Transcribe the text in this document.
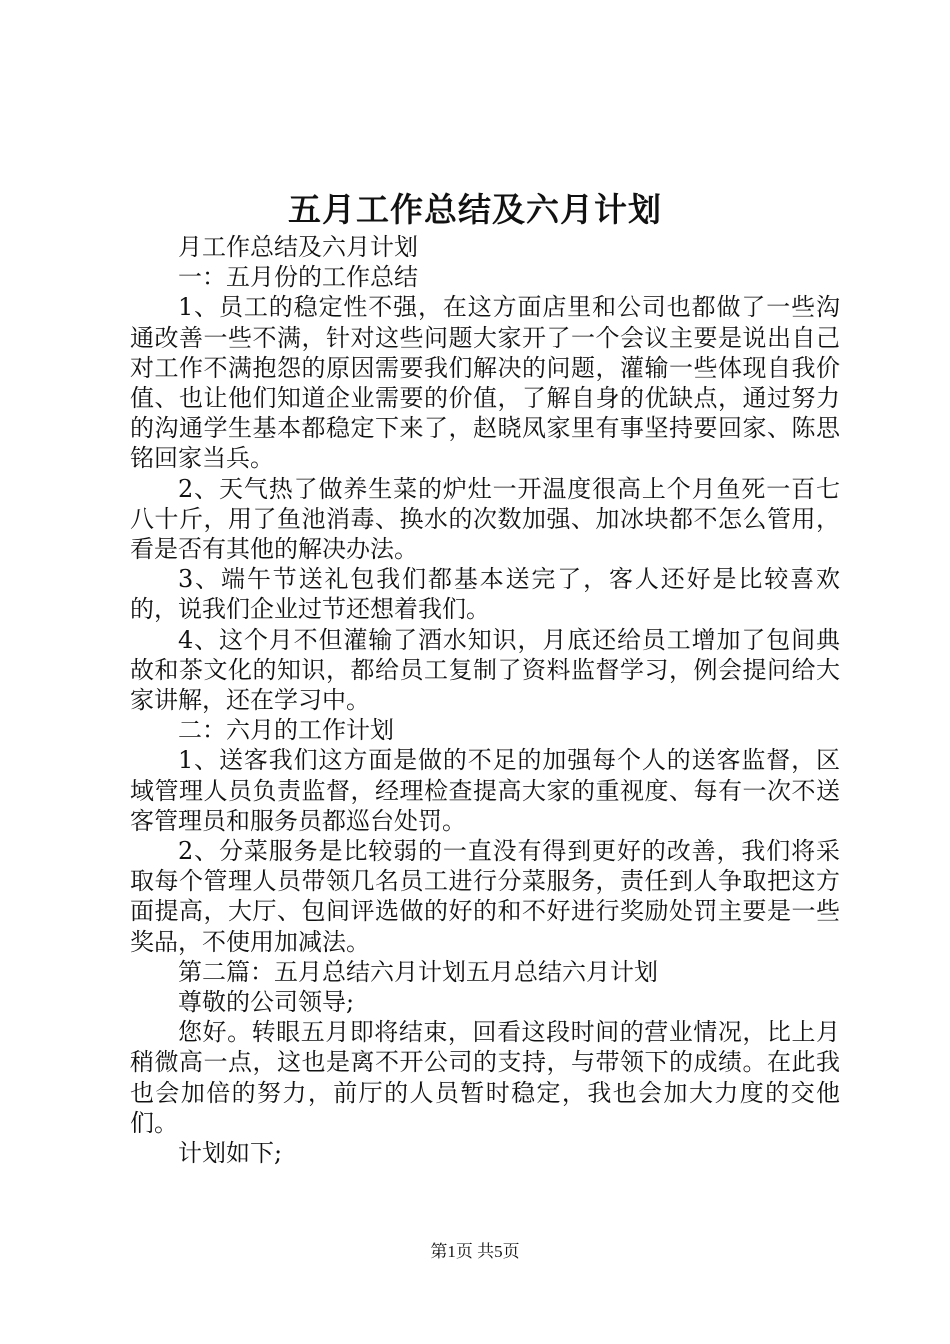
五月工作总结及六月计划

月工作总结及六月计划

一：五月份的工作总结

1、员工的稳定性不强，在这方面店里和公司也都做了一些沟通改善一些不满，针对这些问题大家开了一个会议主要是说出自己对工作不满抱怨的原因需要我们解决的问题，灌输一些体现自我价值、也让他们知道企业需要的价值，了解自身的优缺点，通过努力的沟通学生基本都稳定下来了，赵晓凤家里有事坚持要回家、陈思铭回家当兵。

2、天气热了做养生菜的炉灶一开温度很高上个月鱼死一百七八十斤，用了鱼池消毒、换水的次数加强、加冰块都不怎么管用，看是否有其他的解决办法。

3、端午节送礼包我们都基本送完了，客人还好是比较喜欢的，说我们企业过节还想着我们。

4、这个月不但灌输了酒水知识，月底还给员工增加了包间典故和茶文化的知识，都给员工复制了资料监督学习，例会提问给大家讲解，还在学习中。

二：六月的工作计划

1、送客我们这方面是做的不足的加强每个人的送客监督，区域管理人员负责监督，经理检查提高大家的重视度、每有一次不送客管理员和服务员都巡台处罚。

2、分菜服务是比较弱的一直没有得到更好的改善，我们将采取每个管理人员带领几名员工进行分菜服务，责任到人争取把这方面提高，大厅、包间评选做的好的和不好进行奖励处罚主要是一些奖品，不使用加减法。

第二篇：五月总结六月计划五月总结六月计划

尊敬的公司领导;

您好。转眼五月即将结束，回看这段时间的营业情况，比上月稍微高一点，这也是离不开公司的支持，与带领下的成绩。在此我也会加倍的努力，前厅的人员暂时稳定，我也会加大力度的交他们。

计划如下;

第1页 共5页
